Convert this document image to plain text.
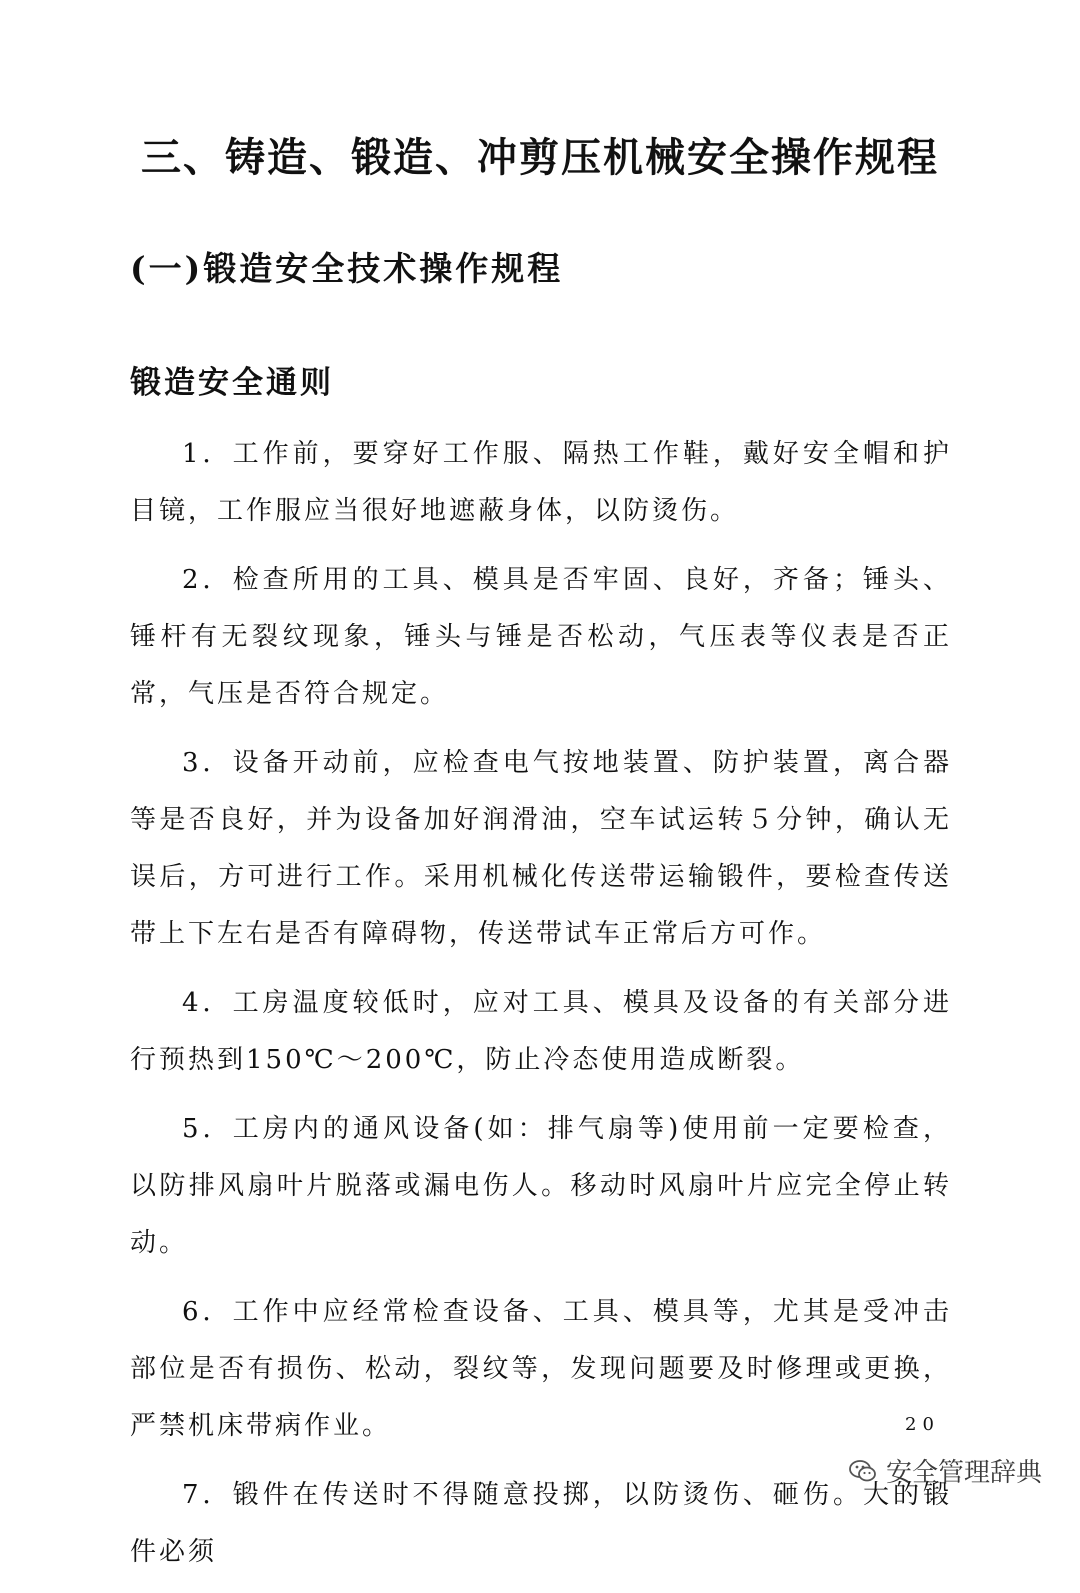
三、铸造、锻造、冲剪压机械安全操作规程
(一)锻造安全技术操作规程
锻造安全通则

1．工作前，要穿好工作服、隔热工作鞋，戴好安全帽和护目镜，工作服应当很好地遮蔽身体，以防烫伤。

2．检查所用的工具、模具是否牢固、良好，齐备；锤头、锤杆有无裂纹现象，锤头与锤是否松动，气压表等仪表是否正常，气压是否符合规定。

3．设备开动前，应检查电气按地装置、防护装置，离合器等是否良好，并为设备加好润滑油，空车试运转５分钟，确认无误后，方可进行工作。采用机械化传送带运输锻件，要检查传送带上下左右是否有障碍物，传送带试车正常后方可作。

4．工房温度较低时，应对工具、模具及设备的有关部分进行预热到150℃～200℃，防止冷态使用造成断裂。

5．工房内的通风设备(如：排气扇等)使用前一定要检查，以防排风扇叶片脱落或漏电伤人。移动时风扇叶片应完全停止转动。

6．工作中应经常检查设备、工具、模具等，尤其是受冲击部位是否有损伤、松动，裂纹等，发现问题要及时修理或更换，严禁机床带病作业。

7．锻件在传送时不得随意投掷，以防烫伤、砸伤。大的锻件必须

20
安全管理辞典
